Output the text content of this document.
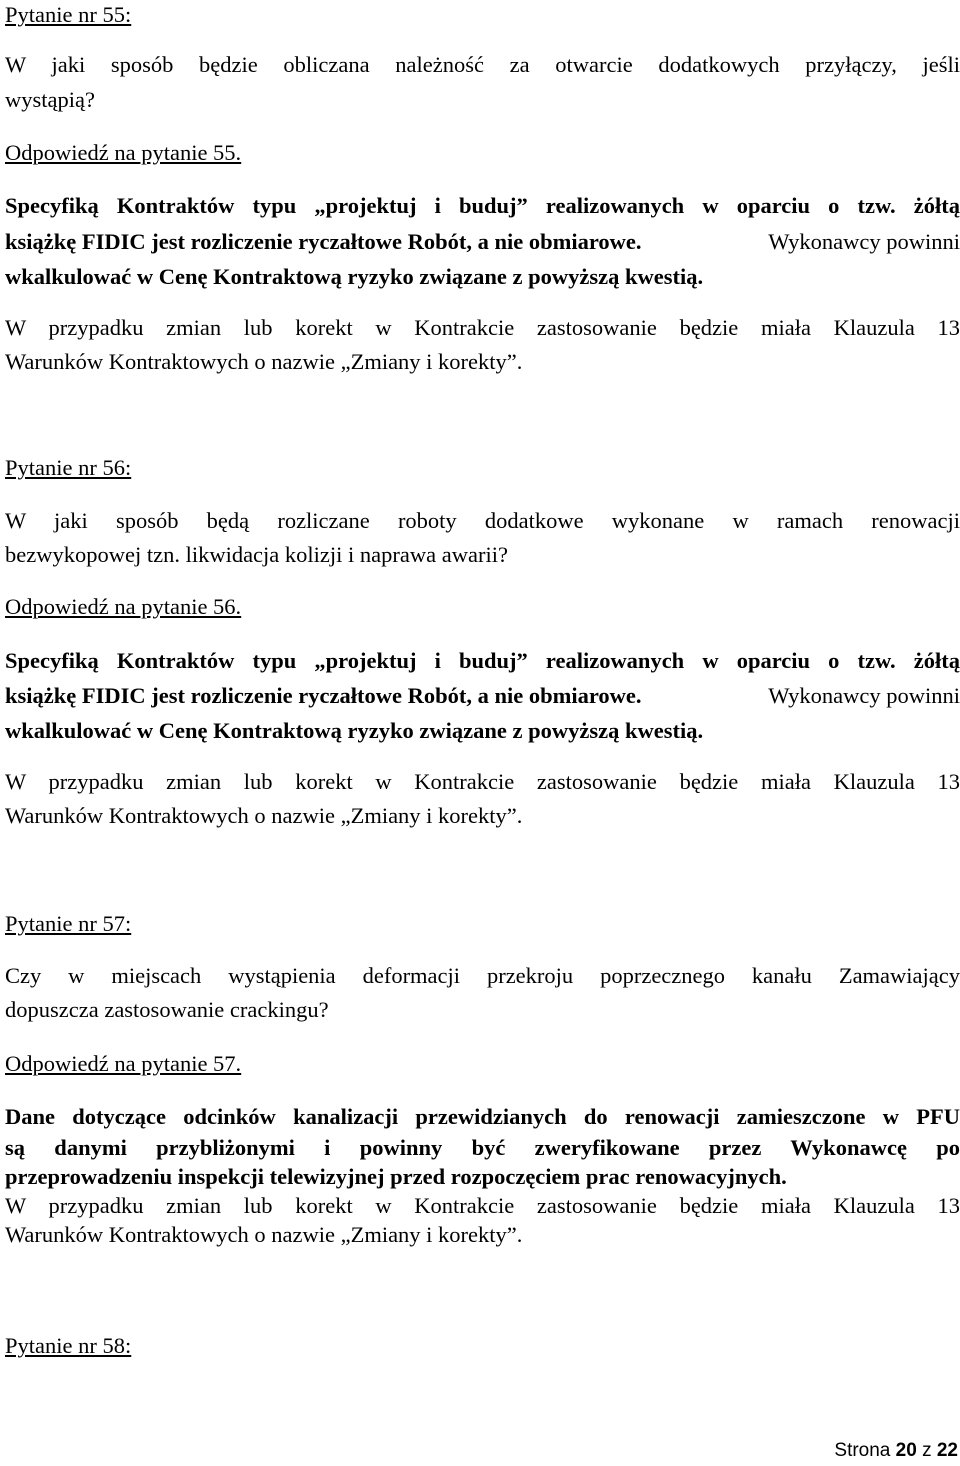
Pytanie nr 55:
W jaki sposób będzie obliczana należność za otwarcie dodatkowych przyłączy, jeśli
wystąpią?
Odpowiedź na pytanie 55.
Specyfiką Kontraktów typu „projektuj i buduj” realizowanych w oparciu o tzw. żółtą
książkę FIDIC jest rozliczenie ryczałtowe Robót, a nie obmiarowe.	Wykonawcy powinni
wkalkulować w Cenę Kontraktową ryzyko związane z powyższą kwestią.
W przypadku zmian lub korekt w Kontrakcie zastosowanie będzie miała Klauzula 13
Warunków Kontraktowych o nazwie „Zmiany i korekty”.
Pytanie nr 56:
W jaki sposób będą rozliczane roboty dodatkowe wykonane w ramach renowacji
bezwykopowej tzn. likwidacja kolizji i naprawa awarii?
Odpowiedź na pytanie 56.
Specyfiką Kontraktów typu „projektuj i buduj” realizowanych w oparciu o tzw. żółtą
książkę FIDIC jest rozliczenie ryczałtowe Robót, a nie obmiarowe.	Wykonawcy powinni
wkalkulować w Cenę Kontraktową ryzyko związane z powyższą kwestią.
W przypadku zmian lub korekt w Kontrakcie zastosowanie będzie miała Klauzula 13
Warunków Kontraktowych o nazwie „Zmiany i korekty”.
Pytanie nr 57:
Czy w miejscach wystąpienia deformacji przekroju poprzecznego kanału Zamawiający
dopuszcza zastosowanie crackingu?
Odpowiedź na pytanie 57.
Dane dotyczące odcinków kanalizacji przewidzianych do renowacji zamieszczone w PFU
są danymi przybliżonymi i powinny być zweryfikowane przez Wykonawcę po
przeprowadzeniu inspekcji telewizyjnej przed rozpoczęciem prac renowacyjnych.
W przypadku zmian lub korekt w Kontrakcie zastosowanie będzie miała Klauzula 13
Warunków Kontraktowych o nazwie „Zmiany i korekty”.
Pytanie nr 58:
Strona 20 z 22
